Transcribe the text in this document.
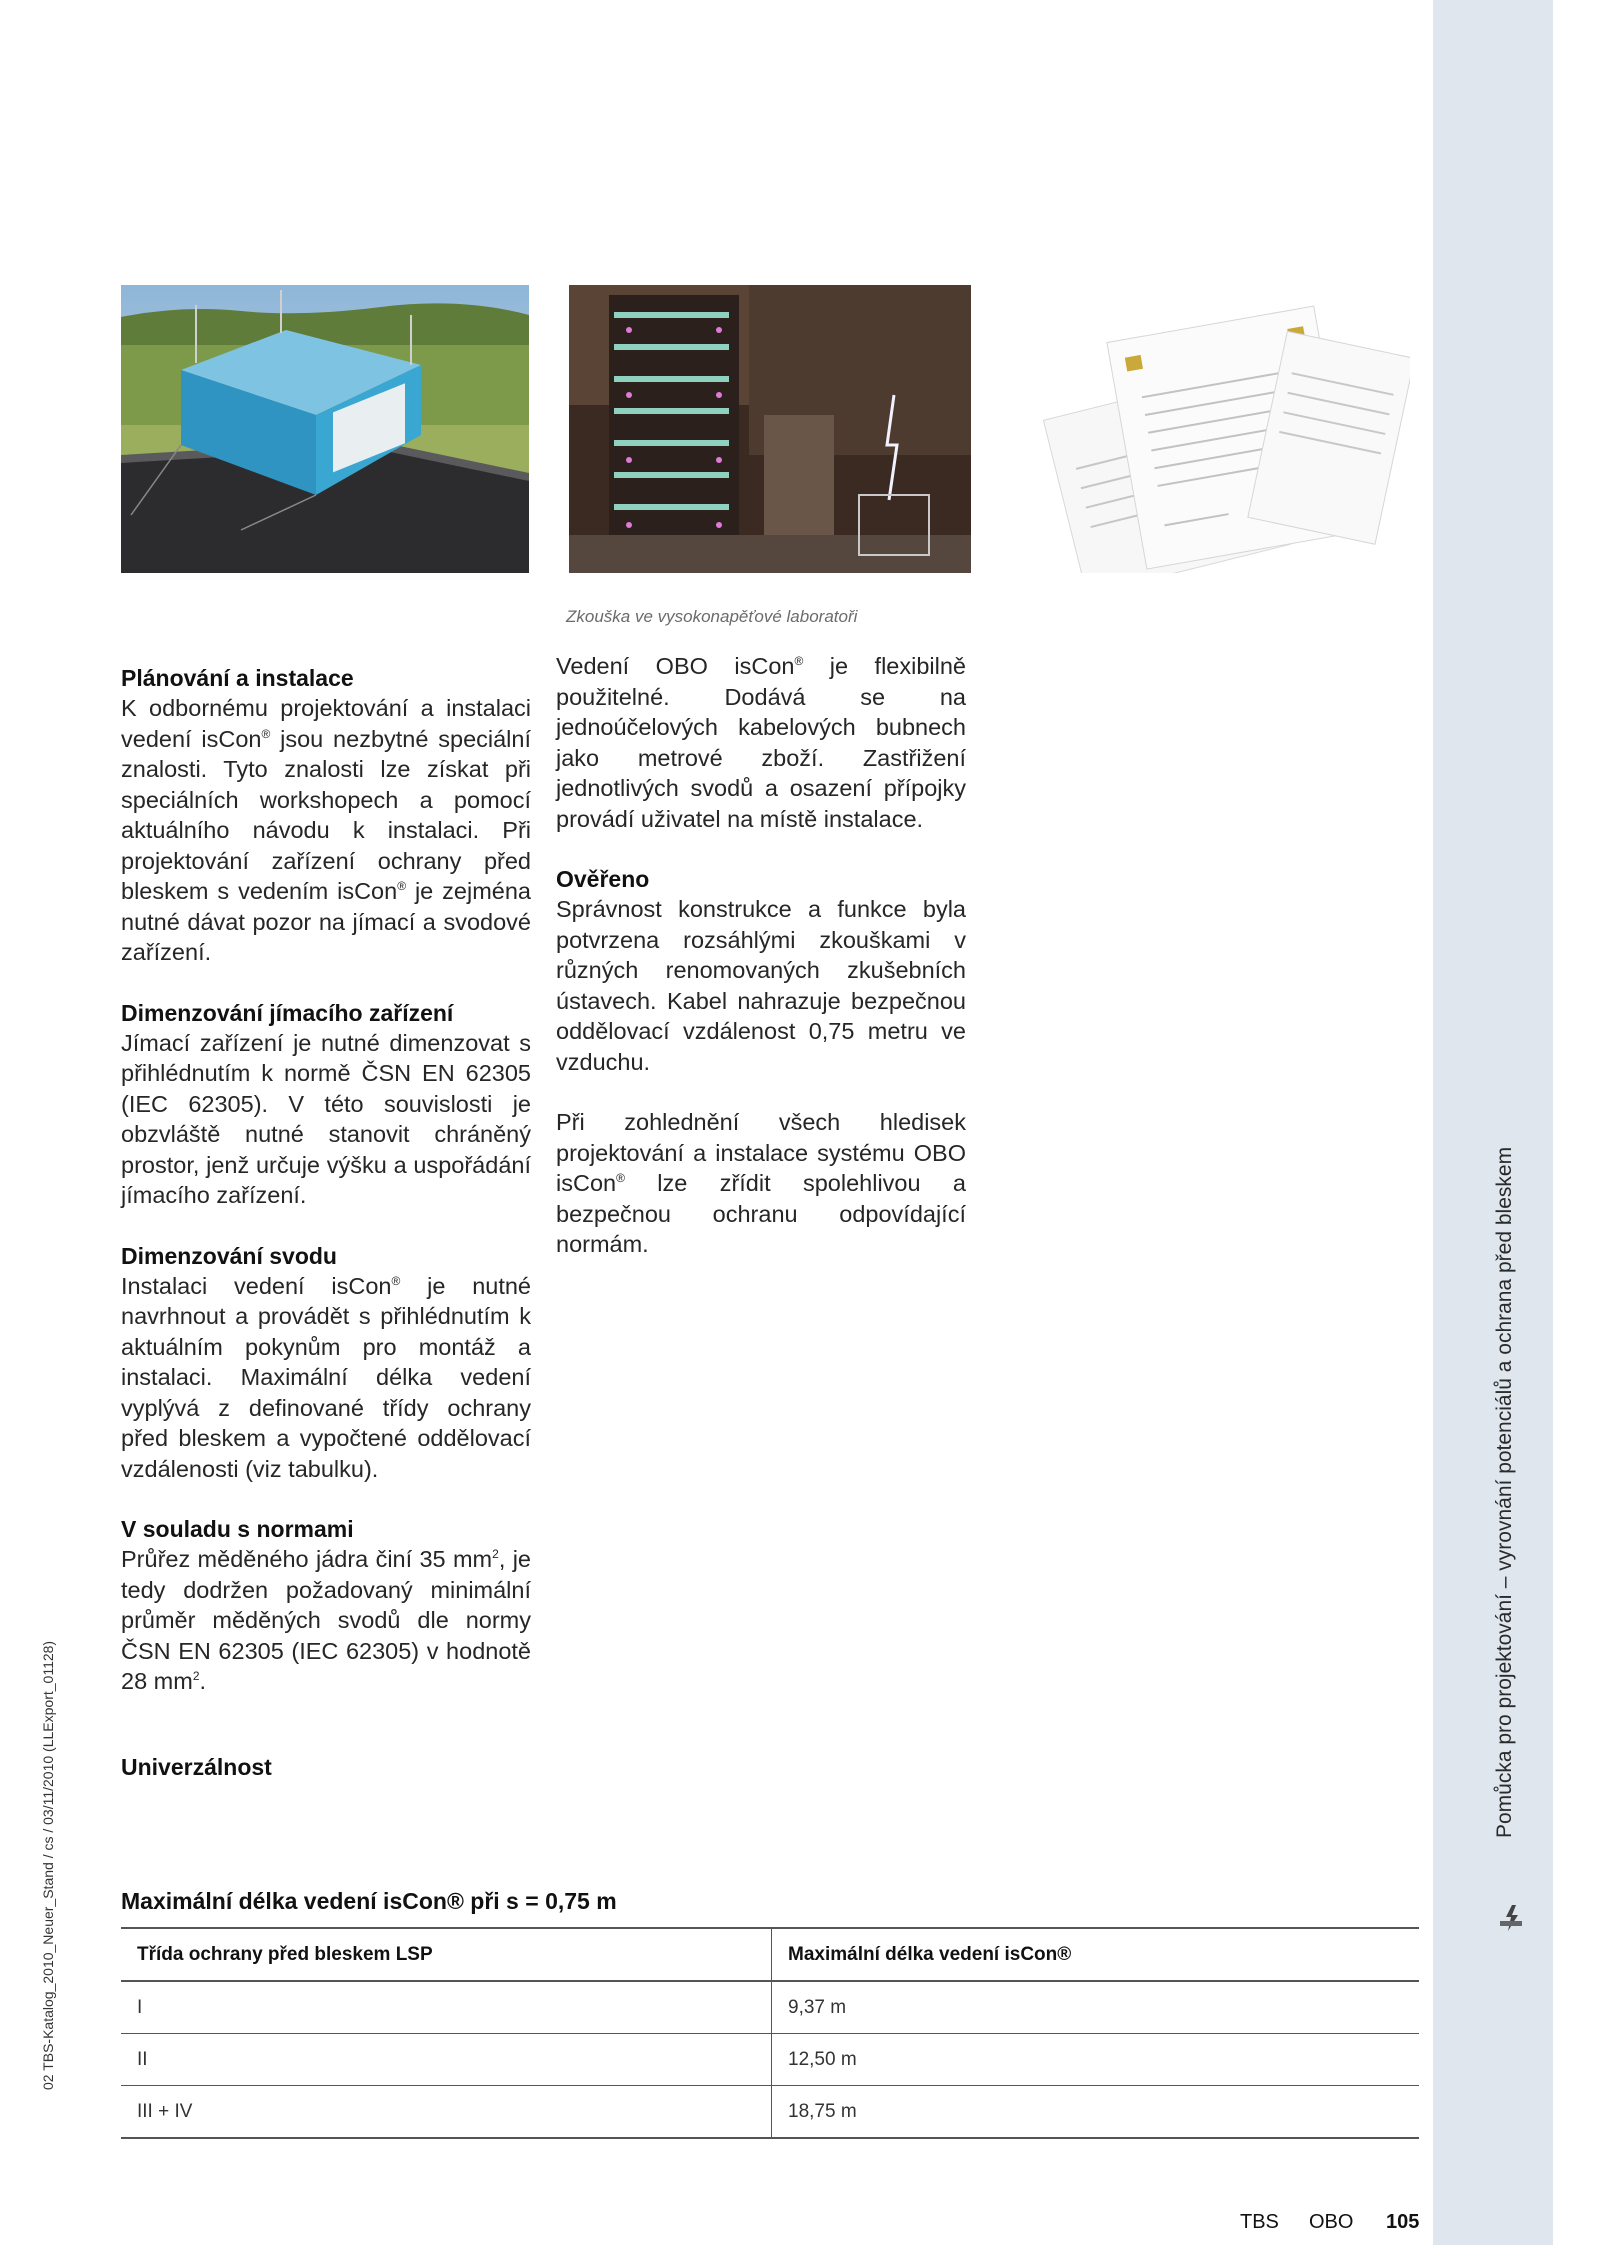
Pomůcka pro projektování – vyrovnání potenciálů a ochrana před bleskem
02 TBS-Katalog_2010_Neuer_Stand / cs / 03/11/2010 (LLExport_01128)
Zkouška ve vysokonapěťové laboratoři
Plánování a instalace

K odbornému projektování a instalaci vedení isCon® jsou nezbytné speciální znalosti. Tyto znalosti lze získat při speciálních workshopech a pomocí aktuálního návodu k instalaci. Při projektování zařízení ochrany před bleskem s vedením isCon® je zejména nutné dávat pozor na jímací a svodové zařízení.

Dimenzování jímacího zařízení

Jímací zařízení je nutné dimenzovat s přihlédnutím k normě ČSN EN 62305 (IEC 62305). V této souvislosti je obzvláště nutné stanovit chráněný prostor, jenž určuje výšku a uspořádání jímacího zařízení.

Dimenzování svodu

Instalaci vedení isCon® je nutné navrhnout a provádět s přihlédnutím k aktuálním pokynům pro montáž a instalaci. Maximální délka vedení vyplývá z definované třídy ochrany před bleskem a vypočtené oddělovací vzdálenosti (viz tabulku).

V souladu s normami

Průřez měděného jádra činí 35 $mm^2$, je tedy dodržen požadovaný minimální průměr měděných svodů dle normy ČSN EN 62305 (IEC 62305) v hodnotě 28 $mm^2$.

Univerzálnost

Vedení OBO isCon® je flexibilně použitelné. Dodává se na jednoúčelových kabelových bubnech jako metrové zboží. Zastřižení jednotlivých svodů a osazení přípojky provádí uživatel na místě instalace.

Ověřeno

Správnost konstrukce a funkce byla potvrzena rozsáhlými zkouškami v různých renomovaných zkušebních ústavech. Kabel nahrazuje bezpečnou oddělovací vzdálenost 0,75 metru ve vzduchu.

Při zohlednění všech hledisek projektování a instalace systému OBO isCon® lze zřídit spolehlivou a bezpečnou ochranu odpovídající normám.

Maximální délka vedení isCon® při s = 0,75 m
Třída ochrany před bleskem LSP	Maximální délka vedení isCon®
I	9,37 m
II	12,50 m
III + IV	18,75 m
TBS OBO 105
